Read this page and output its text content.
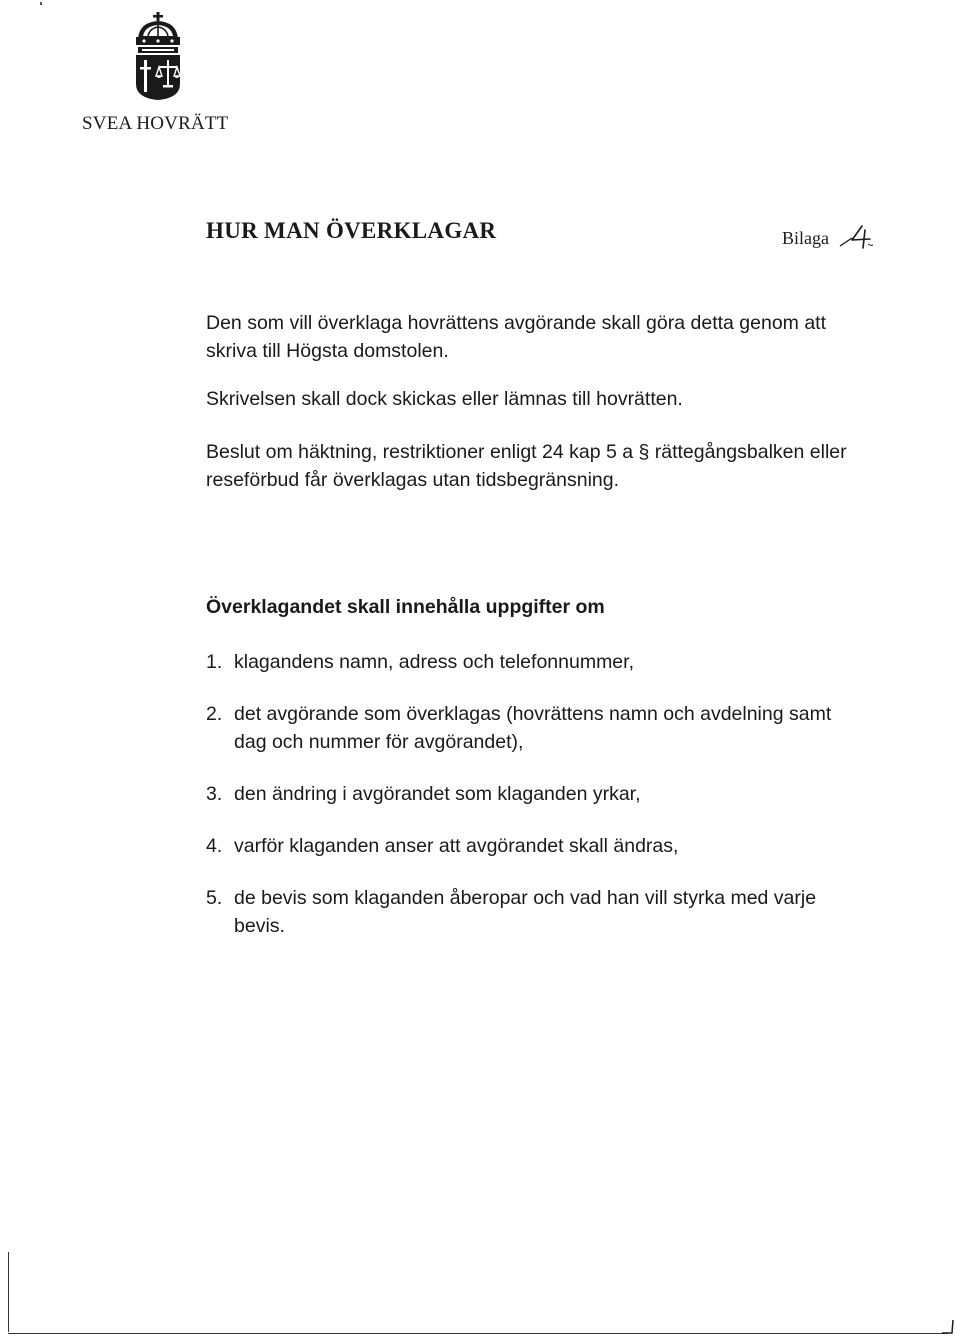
SVEA HOVRÄTT
HUR MAN ÖVERKLAGAR	Bilaga

Den som vill överklaga hovrättens avgörande skall göra detta genom att skriva till Högsta domstolen.

Skrivelsen skall dock skickas eller lämnas till hovrätten.

Beslut om häktning, restriktioner enligt 24 kap 5 a § rättegångsbalken eller reseförbud får överklagas utan tidsbegränsning.

Överklagandet skall innehålla uppgifter om
1. klagandens namn, adress och telefonnummer,
2. det avgörande som överklagas (hovrättens namn och avdelning samt dag och nummer för avgörandet),
3. den ändring i avgörandet som klaganden yrkar,
4. varför klaganden anser att avgörandet skall ändras,
5. de bevis som klaganden åberopar och vad han vill styrka med varje bevis.
